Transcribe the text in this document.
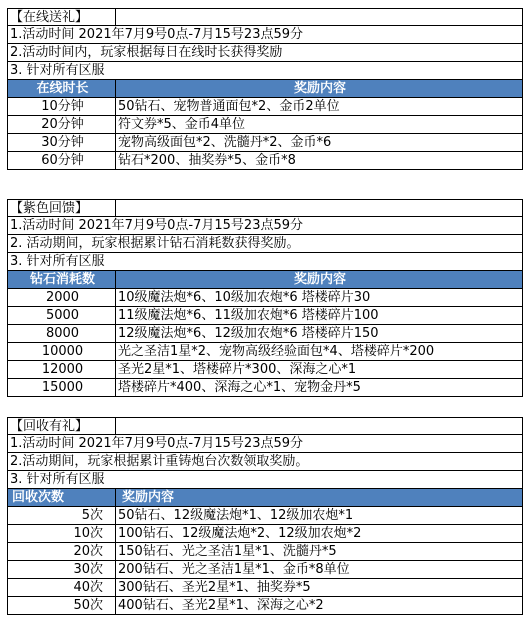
【在线送礼】
1.活动时间 2021年7月9号0点-7月15号23点59分
2.活动时间内，玩家根据每日在线时长获得奖励
3. 针对所有区服
在线时长	奖励内容
10分钟	50钻石、宠物普通面包*2、金币2单位
20分钟	符文券*5、金币4单位
30分钟	宠物高级面包*2、洗髓丹*2、金币*6
60分钟	钻石*200、抽奖券*5、金币*8
【紫色回馈】
1.活动时间 2021年7月9号0点-7月15号23点59分
2. 活动期间，玩家根据累计钻石消耗数获得奖励。
3. 针对所有区服
钻石消耗数	奖励内容
2000	10级魔法炮*6、10级加农炮*6 塔楼碎片30
5000	11级魔法炮*6、11级加农炮*6 塔楼碎片100
8000	12级魔法炮*6、12级加农炮*6 塔楼碎片150
10000	光之圣洁1星*2、宠物高级经验面包*4、塔楼碎片*200
12000	圣光2星*1、塔楼碎片*300、深海之心*1
15000	塔楼碎片*400、深海之心*1、宠物金丹*5
【回收有礼】
1.活动时间 2021年7月9号0点-7月15号23点59分
2.活动期间，玩家根据累计重铸炮台次数领取奖励。
3. 针对所有区服
回收次数	奖励内容
5次	50钻石、12级魔法炮*1、12级加农炮*1
10次	100钻石、12级魔法炮*2、12级加农炮*2
20次	150钻石、光之圣洁1星*1、洗髓丹*5
30次	200钻石、光之圣洁1星*1、金币*8单位
40次	300钻石、圣光2星*1、抽奖券*5
50次	400钻石、圣光2星*1、深海之心*2
